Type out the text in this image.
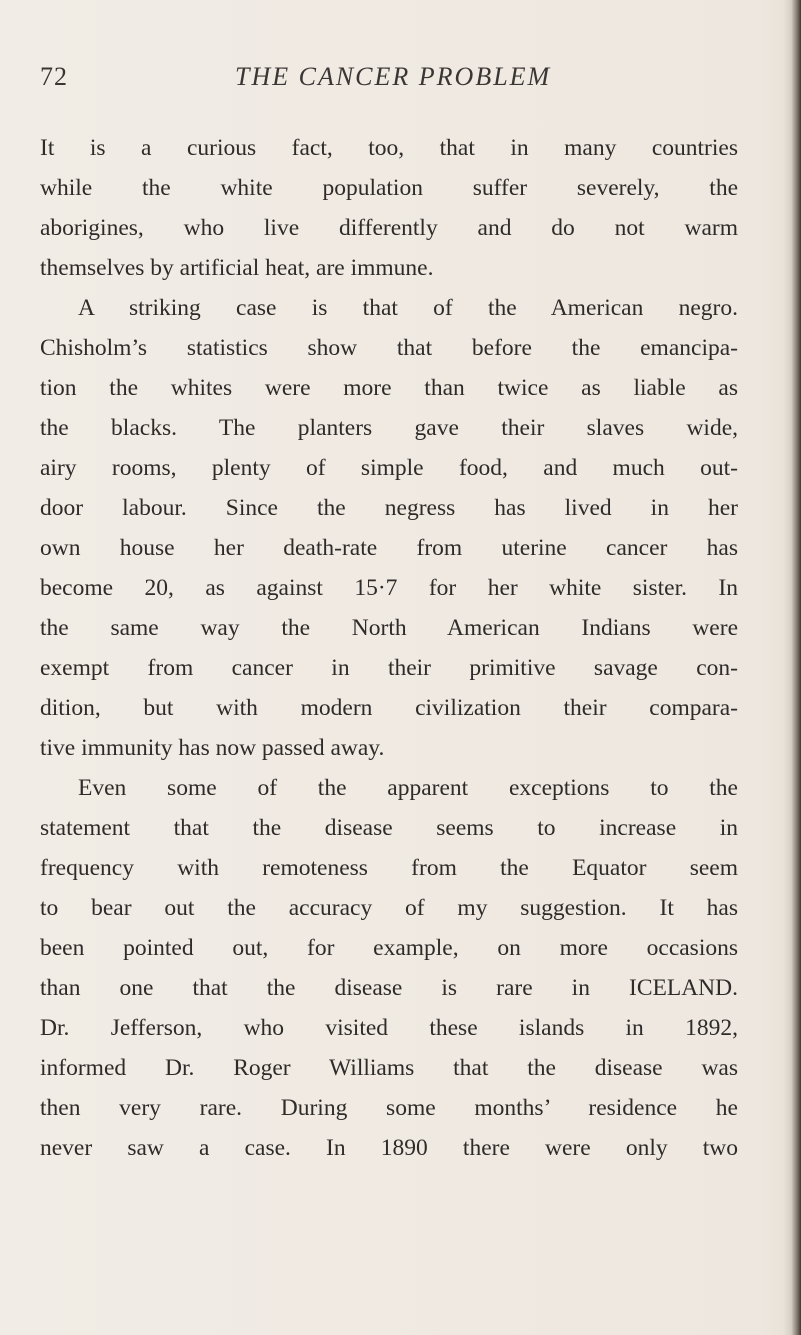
72	THE CANCER PROBLEM
It is a curious fact, too, that in many countries
while the white population suffer severely, the
aborigines, who live differently and do not warm
themselves by artificial heat, are immune.
A striking case is that of the American negro.
Chisholm’s statistics show that before the emancipa-
tion the whites were more than twice as liable as
the blacks. The planters gave their slaves wide,
airy rooms, plenty of simple food, and much out-
door labour. Since the negress has lived in her
own house her death-rate from uterine cancer has
become 20, as against 15·7 for her white sister. In
the same way the North American Indians were
exempt from cancer in their primitive savage con-
dition, but with modern civilization their compara-
tive immunity has now passed away.
Even some of the apparent exceptions to the
statement that the disease seems to increase in
frequency with remoteness from the Equator seem
to bear out the accuracy of my suggestion. It has
been pointed out, for example, on more occasions
than one that the disease is rare in ICELAND.
Dr. Jefferson, who visited these islands in 1892,
informed Dr. Roger Williams that the disease was
then very rare. During some months’ residence he
never saw a case. In 1890 there were only two
